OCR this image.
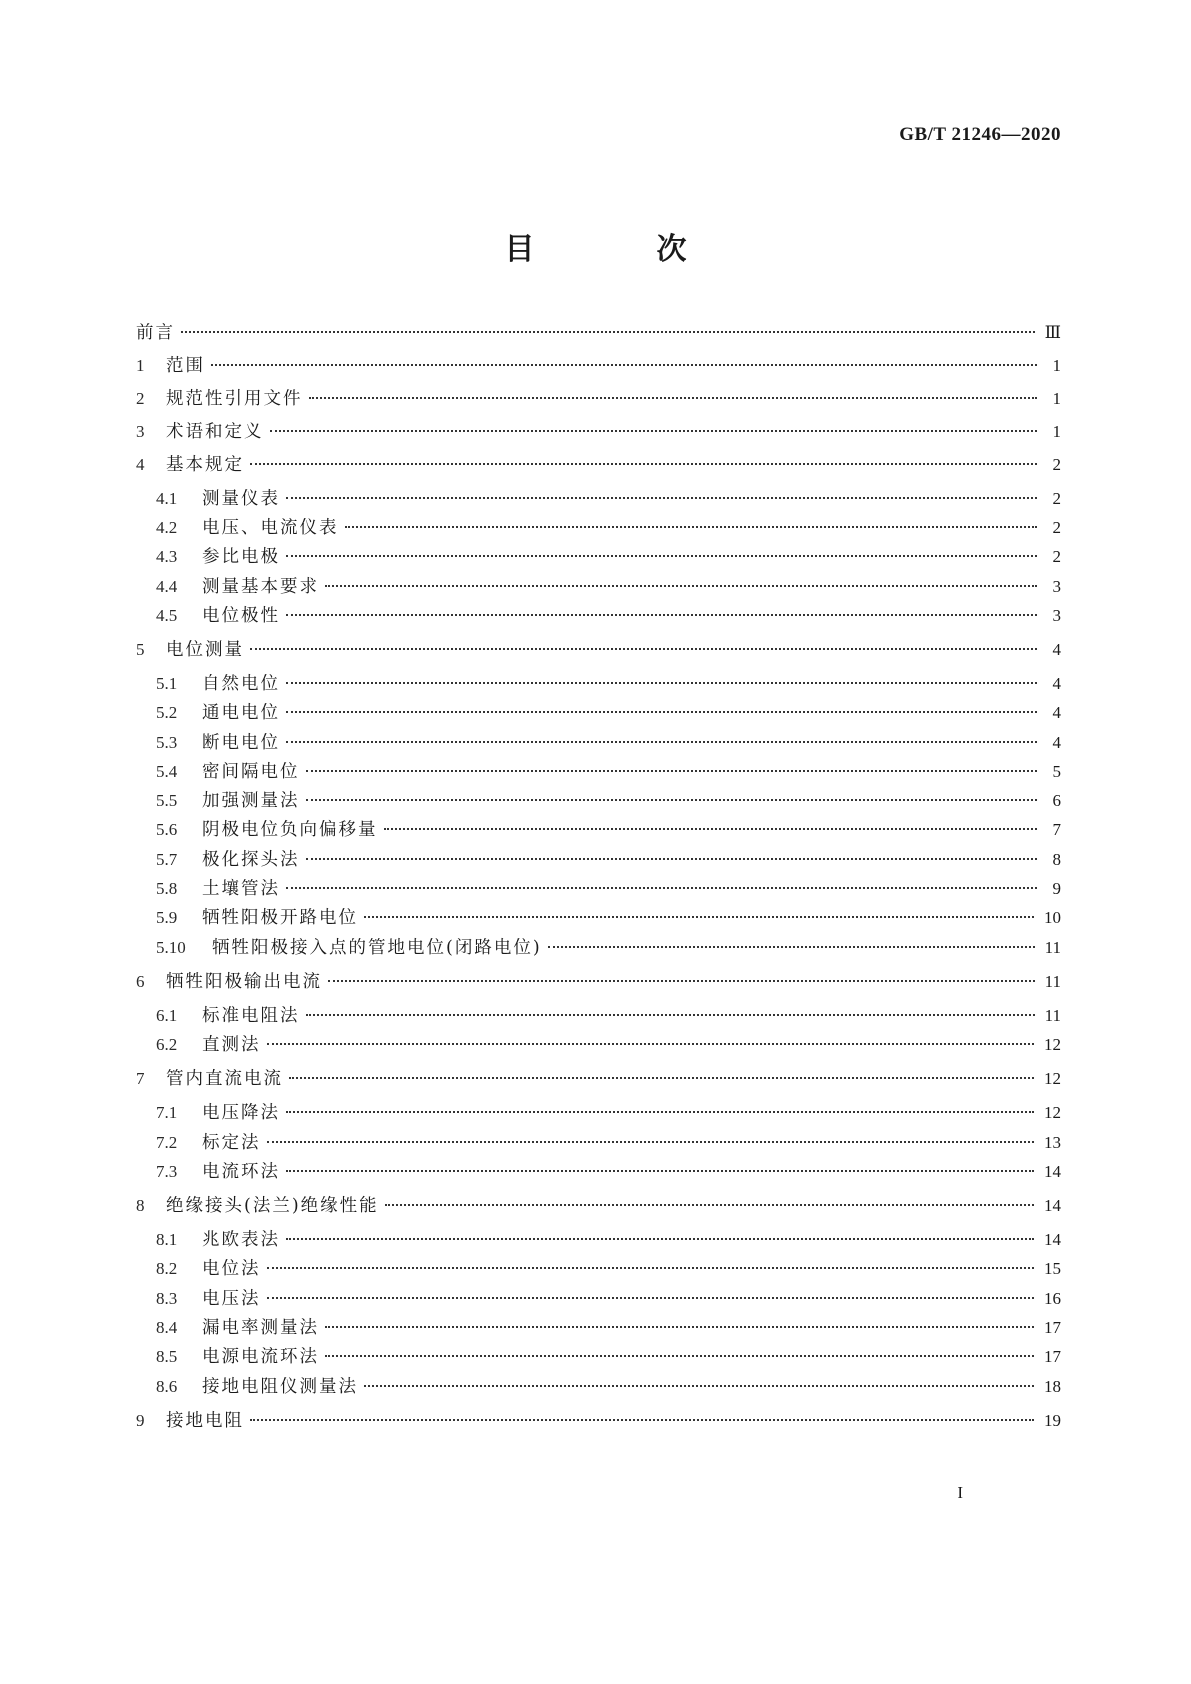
GB/T 21246—2020
目　次
前言	Ⅲ
1	范围	1
2	规范性引用文件	1
3	术语和定义	1
4	基本规定	2
4.1	测量仪表	2
4.2	电压、电流仪表	2
4.3	参比电极	2
4.4	测量基本要求	3
4.5	电位极性	3
5	电位测量	4
5.1	自然电位	4
5.2	通电电位	4
5.3	断电电位	4
5.4	密间隔电位	5
5.5	加强测量法	6
5.6	阴极电位负向偏移量	7
5.7	极化探头法	8
5.8	土壤管法	9
5.9	牺牲阳极开路电位	10
5.10	牺牲阳极接入点的管地电位(闭路电位)	11
6	牺牲阳极输出电流	11
6.1	标准电阻法	11
6.2	直测法	12
7	管内直流电流	12
7.1	电压降法	12
7.2	标定法	13
7.3	电流环法	14
8	绝缘接头(法兰)绝缘性能	14
8.1	兆欧表法	14
8.2	电位法	15
8.3	电压法	16
8.4	漏电率测量法	17
8.5	电源电流环法	17
8.6	接地电阻仪测量法	18
9	接地电阻	19
I
